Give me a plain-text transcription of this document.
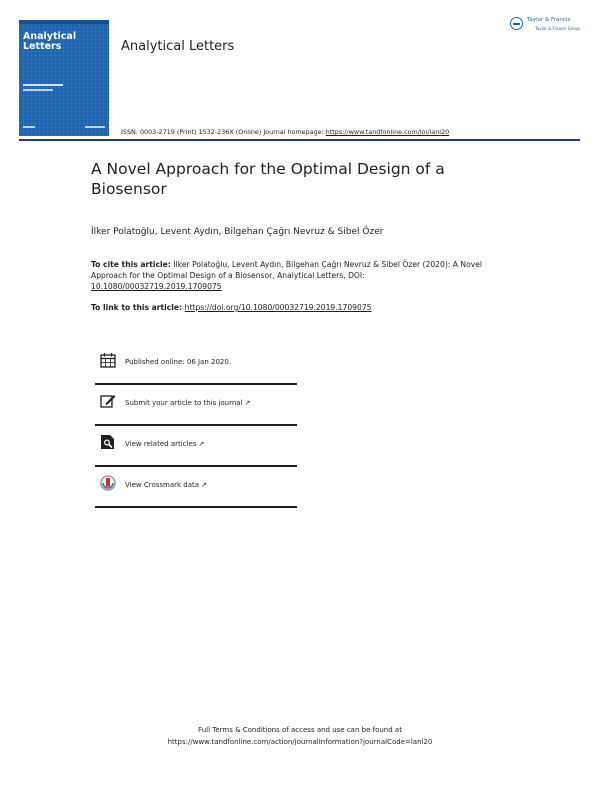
Analytical
Letters	Analytical Letters
Taylor & Francis
Taylor & Francis Group
ISSN: 0003-2719 (Print) 1532-236X (Online) Journal homepage: https://www.tandfonline.com/loi/lanl20
A Novel Approach for the Optimal Design of a Biosensor
İlker Polatoğlu, Levent Aydın, Bilgehan Çağrı Nevruz & Sibel Özer
To cite this article: İlker Polatoğlu, Levent Aydın, Bilgehan Çağrı Nevruz & Sibel Özer (2020): A Novel Approach for the Optimal Design of a Biosensor, Analytical Letters, DOI: 10.1080/00032719.2019.1709075
To link to this article: https://doi.org/10.1080/00032719.2019.1709075
Published online: 06 Jan 2020.
Submit your article to this journal ↗
View related articles ↗
View Crossmark data ↗
Full Terms & Conditions of access and use can be found at
https://www.tandfonline.com/action/journalInformation?journalCode=lanl20
